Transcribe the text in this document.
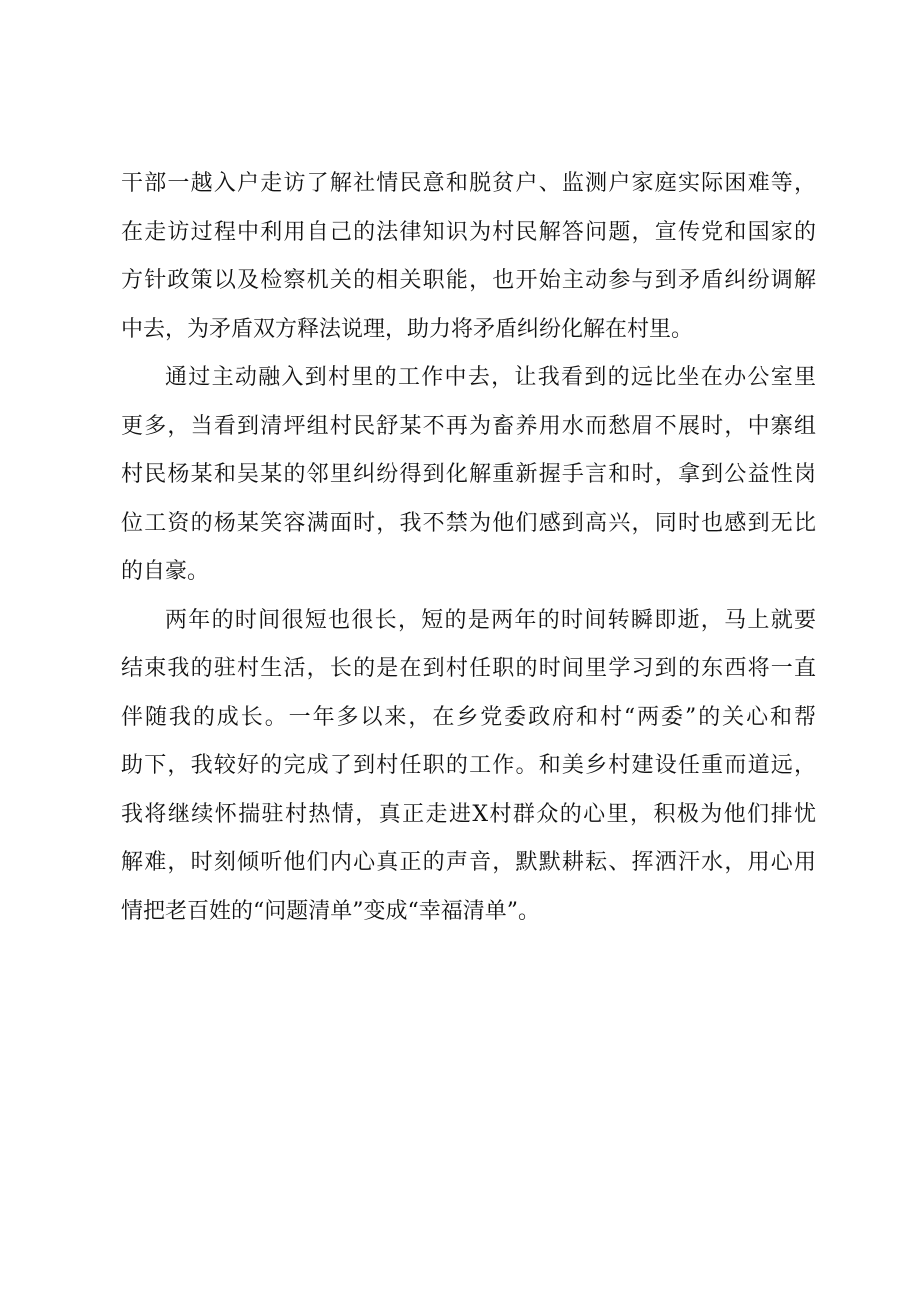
干部一越入户走访了解社情民意和脱贫户、监测户家庭实际困难等，
在走访过程中利用自己的法律知识为村民解答问题，宣传党和国家的
方针政策以及检察机关的相关职能，也开始主动参与到矛盾纠纷调解
中去，为矛盾双方释法说理，助力将矛盾纠纷化解在村里。
通过主动融入到村里的工作中去，让我看到的远比坐在办公室里
更多，当看到清坪组村民舒某不再为畜养用水而愁眉不展时，中寨组
村民杨某和吴某的邻里纠纷得到化解重新握手言和时，拿到公益性岗
位工资的杨某笑容满面时，我不禁为他们感到高兴，同时也感到无比
的自豪。
两年的时间很短也很长，短的是两年的时间转瞬即逝，马上就要
结束我的驻村生活，长的是在到村任职的时间里学习到的东西将一直
伴随我的成长。一年多以来，在乡党委政府和村“两委”的关心和帮
助下，我较好的完成了到村任职的工作。和美乡村建设任重而道远，
我将继续怀揣驻村热情，真正走进X村群众的心里，积极为他们排忧
解难，时刻倾听他们内心真正的声音，默默耕耘、挥洒汗水，用心用
情把老百姓的“问题清单”变成“幸福清单”。
